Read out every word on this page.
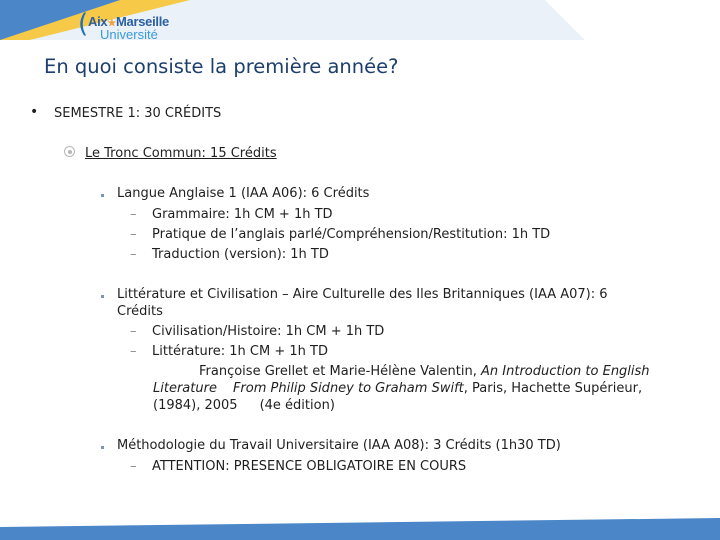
( Aix★Marseille
Université
En quoi consiste la première année?
• SEMESTRE 1: 30 CRÉDITS
Le Tronc Commun: 15 Crédits
Langue Anglaise 1 (IAA A06): 6 Crédits
– Grammaire: 1h CM + 1h TD
– Pratique de l’anglais parlé/Compréhension/Restitution: 1h TD
– Traduction (version): 1h TD
Littérature et Civilisation – Aire Culturelle des Iles Britanniques (IAA A07): 6
Crédits
– Civilisation/Histoire: 1h CM + 1h TD
– Littérature: 1h CM + 1h TD
Françoise Grellet et Marie-Hélène Valentin, An Introduction to English
Literature From Philip Sidney to Graham Swift, Paris, Hachette Supérieur,
(1984), 2005 (4e édition)
Méthodologie du Travail Universitaire (IAA A08): 3 Crédits (1h30 TD)
– ATTENTION: PRESENCE OBLIGATOIRE EN COURS
